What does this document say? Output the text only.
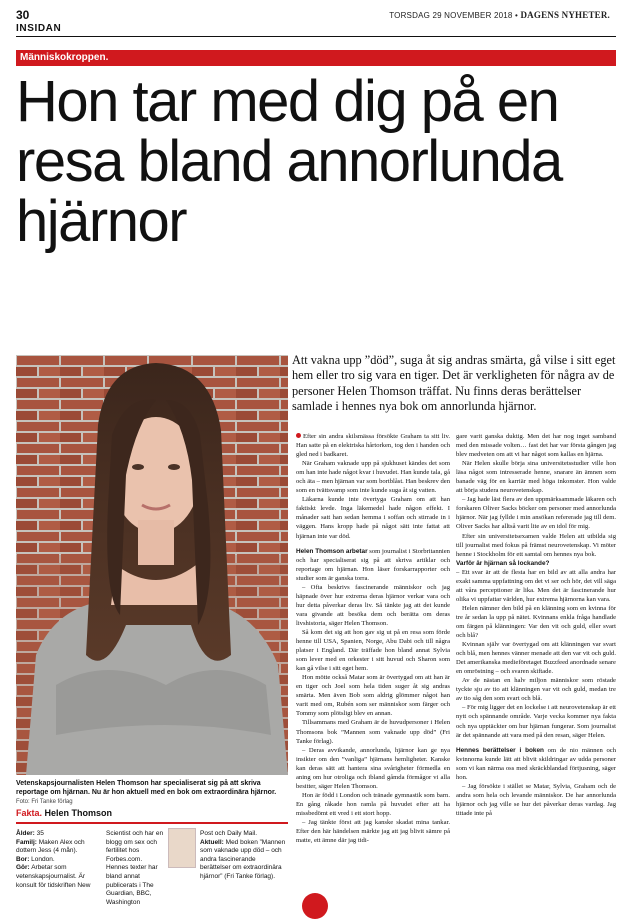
30	TORSDAG 29 NOVEMBER 2018 • DAGENS NYHETER.
INSIDAN
Människokroppen.
Hon tar med dig på en resa bland annorlunda hjärnor
Vetenskapsjournalisten Helen Thomson har specialiserat sig på att skriva reportage om hjärnan. Nu är hon aktuell med en bok om extraordinära hjärnor. Foto: Fri Tanke förlag
Fakta. Helen Thomson
Ålder: 35
Familj: Maken Alex och dottern Jess (4 mån).
Bor: London.
Gör: Arbetar som vetenskapsjournalist. Är konsult för tidskriften New
Scientist och har en blogg om sex och fertilitet hos Forbes.com. Hennes texter har bland annat publicerats i The Guardian, BBC, Washington
Post och Daily Mail.
Aktuell: Med boken ”Mannen som vaknade upp död – och andra fascinerande berättelser om extraordinära hjärnor” (Fri Tanke förlag).
Att vakna upp ”död”, suga åt sig andras smärta, gå vilse i sitt eget hem eller tro sig vara en tiger. Det är verkligheten för några av de personer Helen Thomson träffat. Nu finns deras berättelser samlade i hennes nya bok om annorlunda hjärnor.

Efter sin andra skilsmässa försökte Graham ta sitt liv. Han satte på en elektriska hårtorken, tog den i handen och gled ned i badkaret.

När Graham vaknade upp på sjukhuset kändes det som om han inte hade något kvar i huvudet. Han kunde tala, gå och äta – men hjärnan var som bortblåst. Han beskrev den som en tvättsvamp som inte kunde suga åt sig vatten.

Läkarna kunde inte övertyga Graham om att han faktiskt levde. Inga läkemedel hade någon effekt. I månader satt han sedan hemma i soffan och stirrade in i väggen. Hans kropp hade på något sätt inte fattat att hjärnan inte var död.

Helen Thomson arbetar som journalist i Storbritannien och har specialiserat sig på att skriva artiklar och reportage om hjärnan. Hon läser forskarrapporter och studier som är ganska torra.

– Ofta beskrivs fascinerande människor och jag häpnade över hur extrema deras hjärnor verkar vara och hur detta påverkar deras liv. Så tänkte jag att det kunde vara givande att besöka dem och berätta om deras livshistoria, säger Helen Thomson.

Så kom det sig att hon gav sig ut på en resa som förde henne till USA, Spanien, Norge, Abu Dabi och till några platser i England. Där träffade hon bland annat Sylvia som lever med en orkester i sitt huvud och Sharon som kan gå vilse i sitt eget hem.

Hon mötte också Matar som är övertygad om att han är en tiger och Joel som hela tiden suger åt sig andras smärta. Men även Bob som aldrig glömmer något han varit med om, Rubén som ser människor som färger och Tommy som plötsligt blev en annan.

Tillsammans med Graham är de huvudpersoner i Helen Thomsons bok ”Mannen som vaknade upp död” (Fri Tanke förlag).

– Deras avvikande, annorlunda, hjärnor kan ge nya insikter om den ”vanliga” hjärnans hemligheter. Kanske kan deras sätt att hantera sina svårigheter förmedla en aning om hur otroliga och ibland gåmda förmågor vi alla besitter, säger Helen Thomson.

Hon är född i London och tränade gymnastik som barn. En gång råkade hon ramla på huvudet efter att ha missbedömt ett vred i ett stort hopp.

– Jag tänkte först att jag kanske skadat mina tankar. Efter den här händelsen märkte jag att jag blivit sämre på matte, ett ämne där jag tidi-

gare varit ganska duktig. Men det har nog inget samband med den missade volten… fast det har var första gången jag blev medveten om att vi har något som kallas en hjärna.

När Helen skulle börja sina universitetsstudier ville hon läsa något som intresserade henne, snarare än ämnen som banade väg för en karriär med höga inkomster. Hon valde att börja studera neurovetenskap.

– Jag hade läst flera av den uppmärksammade läkaren och forskaren Oliver Sacks böcker om personer med annorlunda hjärnor. När jag fyllde i min ansökan refererade jag till dem. Oliver Sacks har alltså varit lite av en idol för mig.

Efter sin universitetsexamen valde Helen att utbilda sig till journalist med fokus på främst neurovetenskap. Vi möter henne i Stockholm för ett samtal om hennes nya bok.

Varför är hjärnan så lockande?

– Ett svar är att de flesta har en bild av att alla andra har exakt samma uppfattning om det vi ser och hör, det vill säga att våra perceptioner är lika. Men det är fascinerande hur olika vi uppfattar världen, hur extrema hjärnorna kan vara.

Helen nämner den bild på en klänning som en kvinna för tre år sedan la upp på nätet. Kvinnans enkla fråga handlade om färgen på klänningen: Var den vit och guld, eller svart och blå?

Kvinnan själv var övertygad om att klänningen var svart och blå, men hennes vänner menade att den var vit och guld. Det amerikanska medieföretaget Buzzfeed anordnade senare en omröstning – och svaren skiftade.

Av de nästan en halv miljon människor som röstade tyckte sju av tio att klänningen var vit och guld, medan tre av tio såg den som svart och blå.

– För mig ligger det en lockelse i att neurovetenskap är ett nytt och spännande område. Varje vecka kommer nya fakta och nya upptäckter om hur hjärnan fungerar. Som journalist är det spännande att vara med på den resan, säger Helen.

Hennes berättelser i boken om de nio männen och kvinnorna kunde lätt att blivit skildringar av udda personer som vi kan närma oss med skräckblandad förtjusning, säger hon.

– Jag försökte i stället se Matar, Sylvia, Graham och de andra som hela och levande människor. De har annorlunda hjärnor och jag ville se hur det påverkar deras vardag. Jag tittade inte på
